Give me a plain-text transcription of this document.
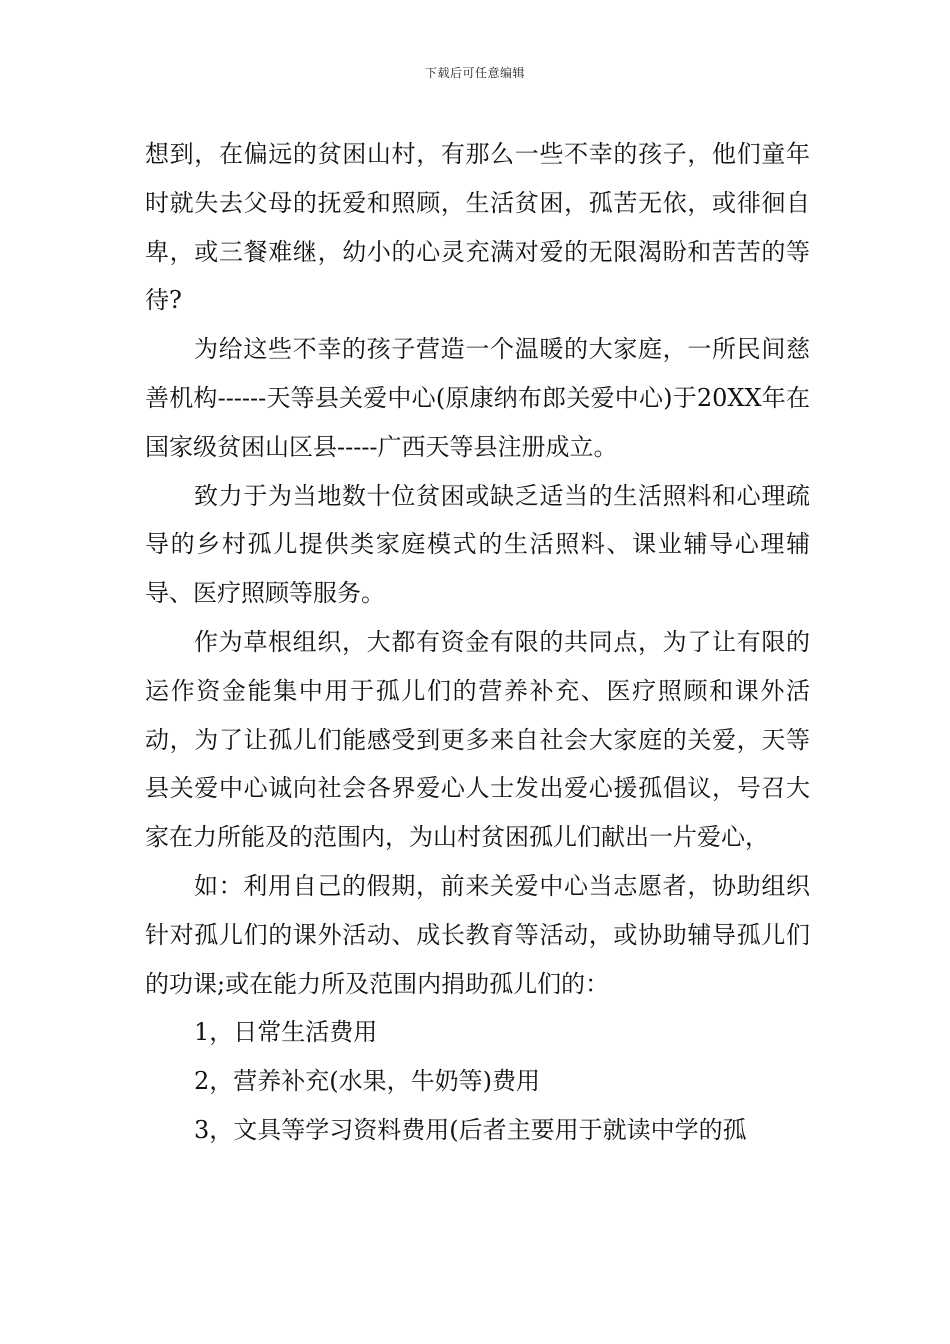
下载后可任意编辑

想到，在偏远的贫困山村，有那么一些不幸的孩子，他们童年时就失去父母的抚爱和照顾，生活贫困，孤苦无依，或徘徊自卑，或三餐难继，幼小的心灵充满对爱的无限渴盼和苦苦的等待?

为给这些不幸的孩子营造一个温暖的大家庭，一所民间慈善机构------天等县关爱中心(原康纳布郎关爱中心)于20XX年在国家级贫困山区县-----广西天等县注册成立。

致力于为当地数十位贫困或缺乏适当的生活照料和心理疏导的乡村孤儿提供类家庭模式的生活照料、课业辅导心理辅导、医疗照顾等服务。

作为草根组织，大都有资金有限的共同点，为了让有限的运作资金能集中用于孤儿们的营养补充、医疗照顾和课外活动，为了让孤儿们能感受到更多来自社会大家庭的关爱，天等县关爱中心诚向社会各界爱心人士发出爱心援孤倡议，号召大家在力所能及的范围内，为山村贫困孤儿们献出一片爱心，

如：利用自己的假期，前来关爱中心当志愿者，协助组织针对孤儿们的课外活动、成长教育等活动，或协助辅导孤儿们的功课;或在能力所及范围内捐助孤儿们的：

1，日常生活费用

2，营养补充(水果，牛奶等)费用

3，文具等学习资料费用(后者主要用于就读中学的孤
